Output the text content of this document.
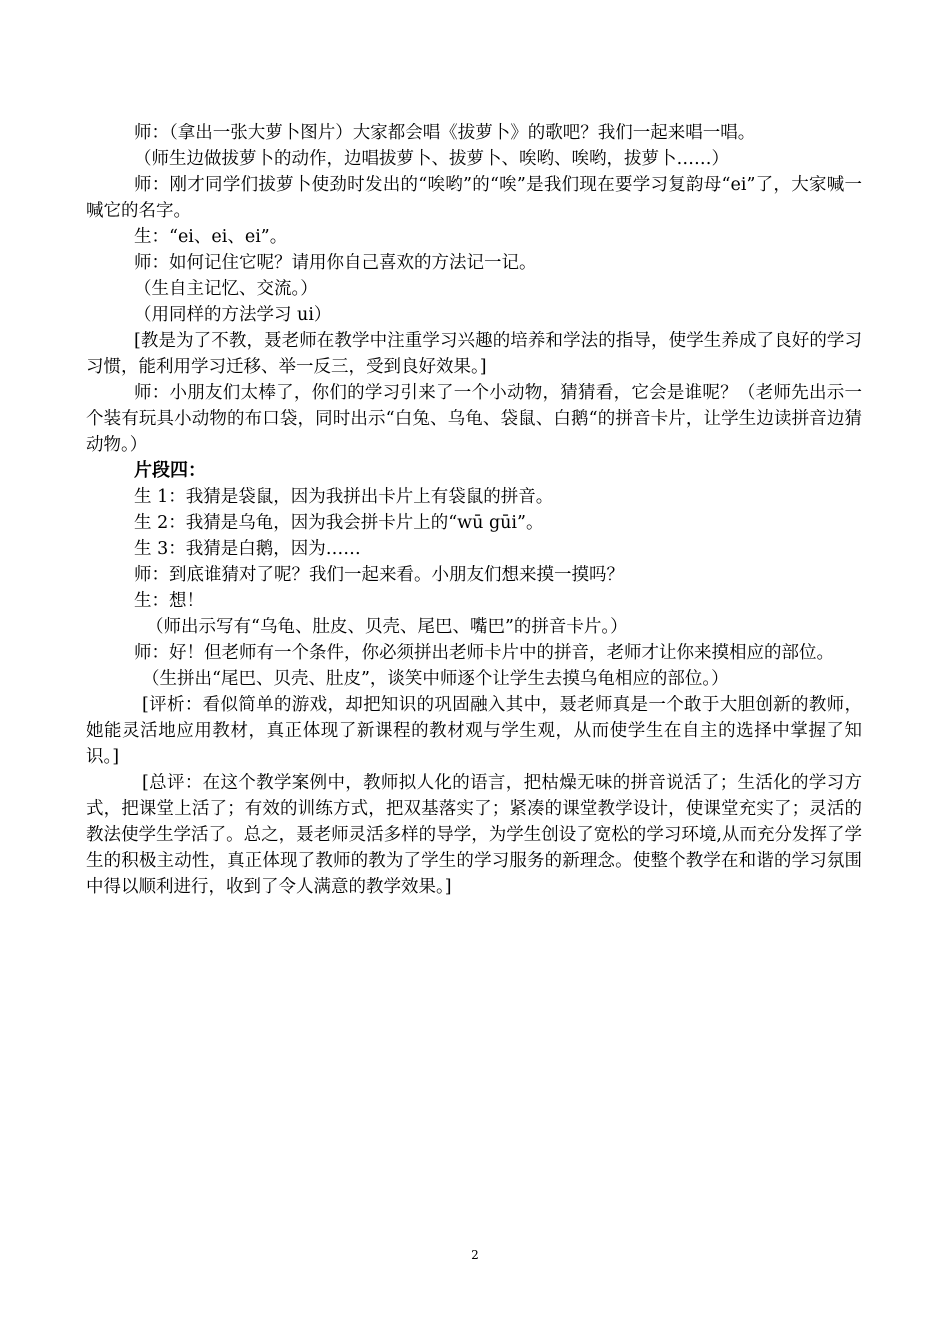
师：（拿出一张大萝卜图片）大家都会唱《拔萝卜》的歌吧？我们一起来唱一唱。

（师生边做拔萝卜的动作，边唱拔萝卜、拔萝卜、唉哟、唉哟，拔萝卜……）

师：刚才同学们拔萝卜使劲时发出的“唉哟”的“唉”是我们现在要学习复韵母“ei”了，大家喊一喊它的名字。

生：“ei、ei、ei”。

师：如何记住它呢？请用你自己喜欢的方法记一记。

（生自主记忆、交流。）

（用同样的方法学习 ui）

[教是为了不教，聂老师在教学中注重学习兴趣的培养和学法的指导，使学生养成了良好的学习习惯，能利用学习迁移、举一反三，受到良好效果。]

师：小朋友们太棒了，你们的学习引来了一个小动物，猜猜看，它会是谁呢？（老师先出示一个装有玩具小动物的布口袋，同时出示“白兔、乌龟、袋鼠、白鹅“的拼音卡片，让学生边读拼音边猜动物。）

片段四：

生 1：我猜是袋鼠，因为我拼出卡片上有袋鼠的拼音。

生 2：我猜是乌龟，因为我会拼卡片上的“wū gūi”。

生 3：我猜是白鹅，因为……

师：到底谁猜对了呢？我们一起来看。小朋友们想来摸一摸吗？

生：想！

（师出示写有“乌龟、肚皮、贝壳、尾巴、嘴巴”的拼音卡片。）

师：好！但老师有一个条件，你必须拼出老师卡片中的拼音，老师才让你来摸相应的部位。

（生拼出“尾巴、贝壳、肚皮”，谈笑中师逐个让学生去摸乌龟相应的部位。）

[评析：看似简单的游戏，却把知识的巩固融入其中，聂老师真是一个敢于大胆创新的教师，她能灵活地应用教材，真正体现了新课程的教材观与学生观，从而使学生在自主的选择中掌握了知识。]

[总评：在这个教学案例中，教师拟人化的语言，把枯燥无味的拼音说活了；生活化的学习方式，把课堂上活了；有效的训练方式，把双基落实了；紧凑的课堂教学设计，使课堂充实了；灵活的教法使学生学活了。总之，聂老师灵活多样的导学，为学生创设了宽松的学习环境,从而充分发挥了学生的积极主动性，真正体现了教师的教为了学生的学习服务的新理念。使整个教学在和谐的学习氛围中得以顺利进行，收到了令人满意的教学效果。]

2
